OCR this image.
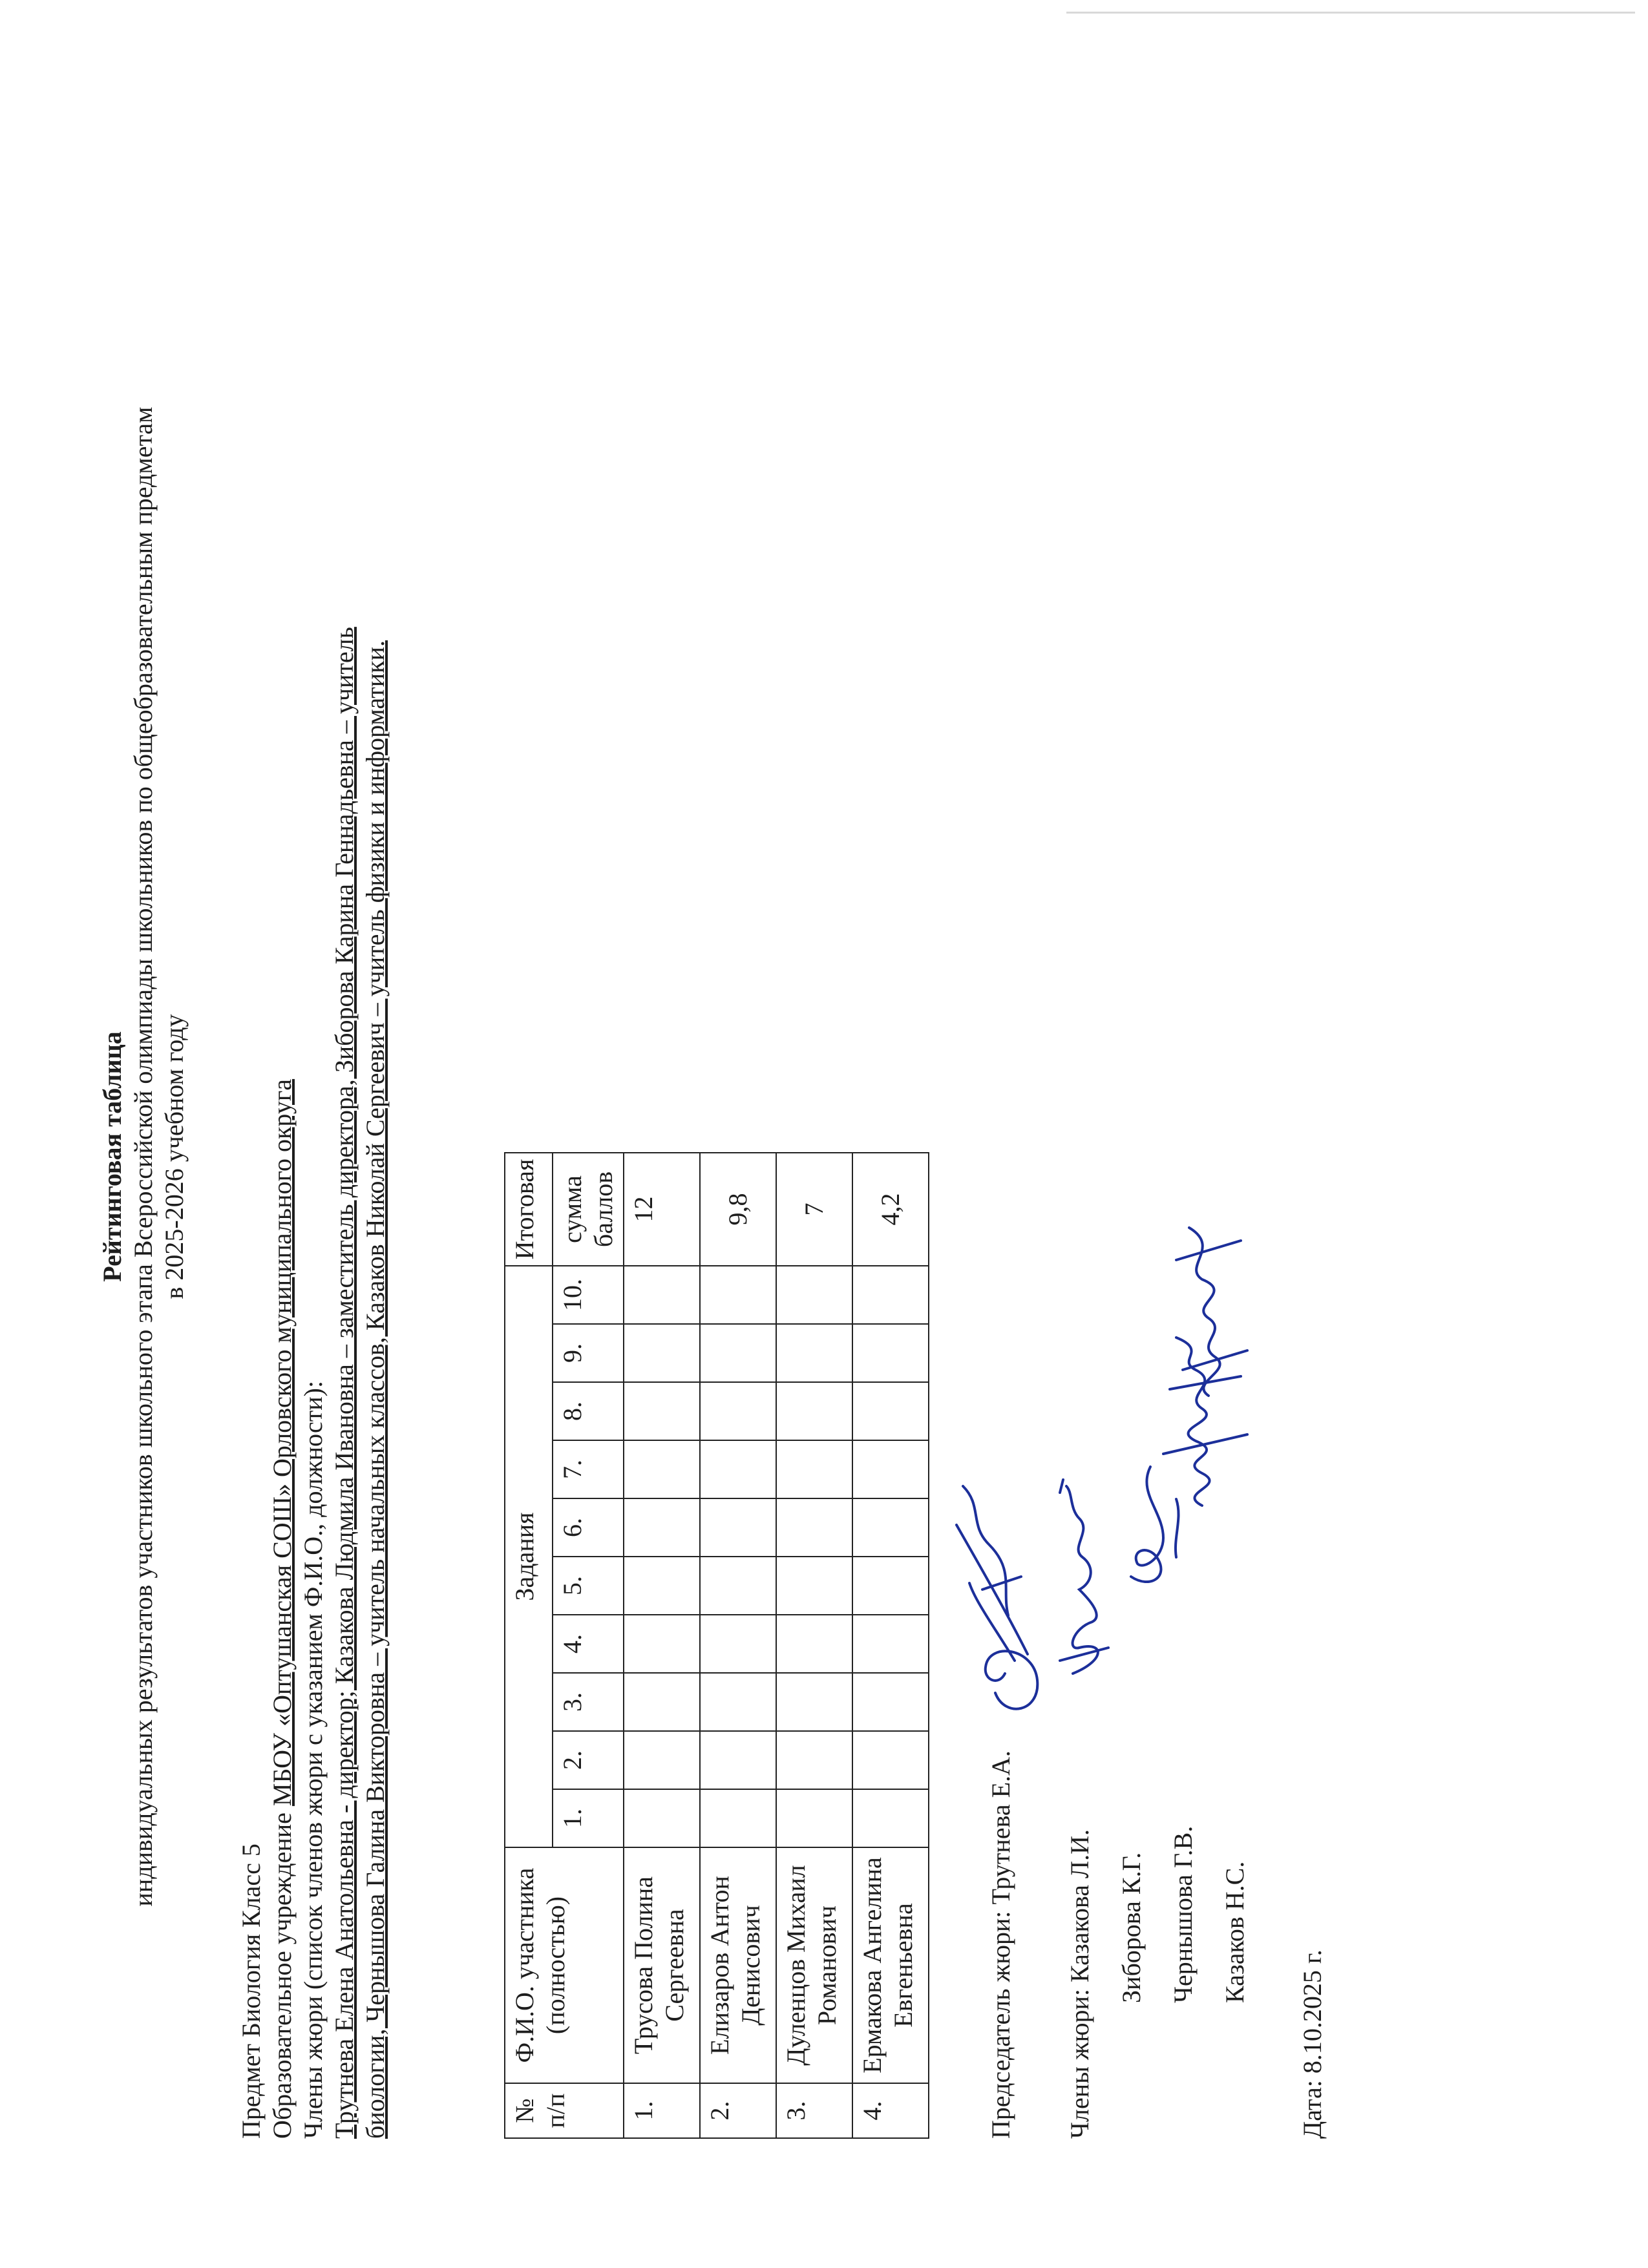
Рейтинговая таблица индивидуальных результатов участников школьного этапа Всероссийской олимпиады школьников по общеобразовательным предметам в 2025-2026 учебном году
Предмет Биология Класс 5 Образовательное учреждение МБОУ «Оптушанская СОШ» Орловского муниципального округа Члены жюри (список членов жюри с указанием Ф.И.О., должности): Трутнева Елена Анатольевна - директор; Казакова Людмила Ивановна – заместитель директора, Зиборова Карина Геннадьевна – учитель биологии, Чернышова Галина Викторовна – учитель начальных классов, Казаков Николай Сергеевич – учитель физики и информатики.	№ п/п	Ф.И.О. участника (полностью)	Задания										Итоговая
		1.	2.	3.	4.	5.	6.	7.	8.	9.	10.	сумма баллов
1.	Трусова Полина Сергеевна											12
2.	Елизаров Антон Денисович											9,8
3.	Дуленцов Михаил Романович											7
4.	Ермакова Ангелина Евгеньевна											4,2
Председатель жюри: Трутнева Е.А. Члены жюри: Казакова Л.И. Зиборова К.Г. Чернышова Г.В. Казаков Н.С.
Дата: 8.10.2025 г.
